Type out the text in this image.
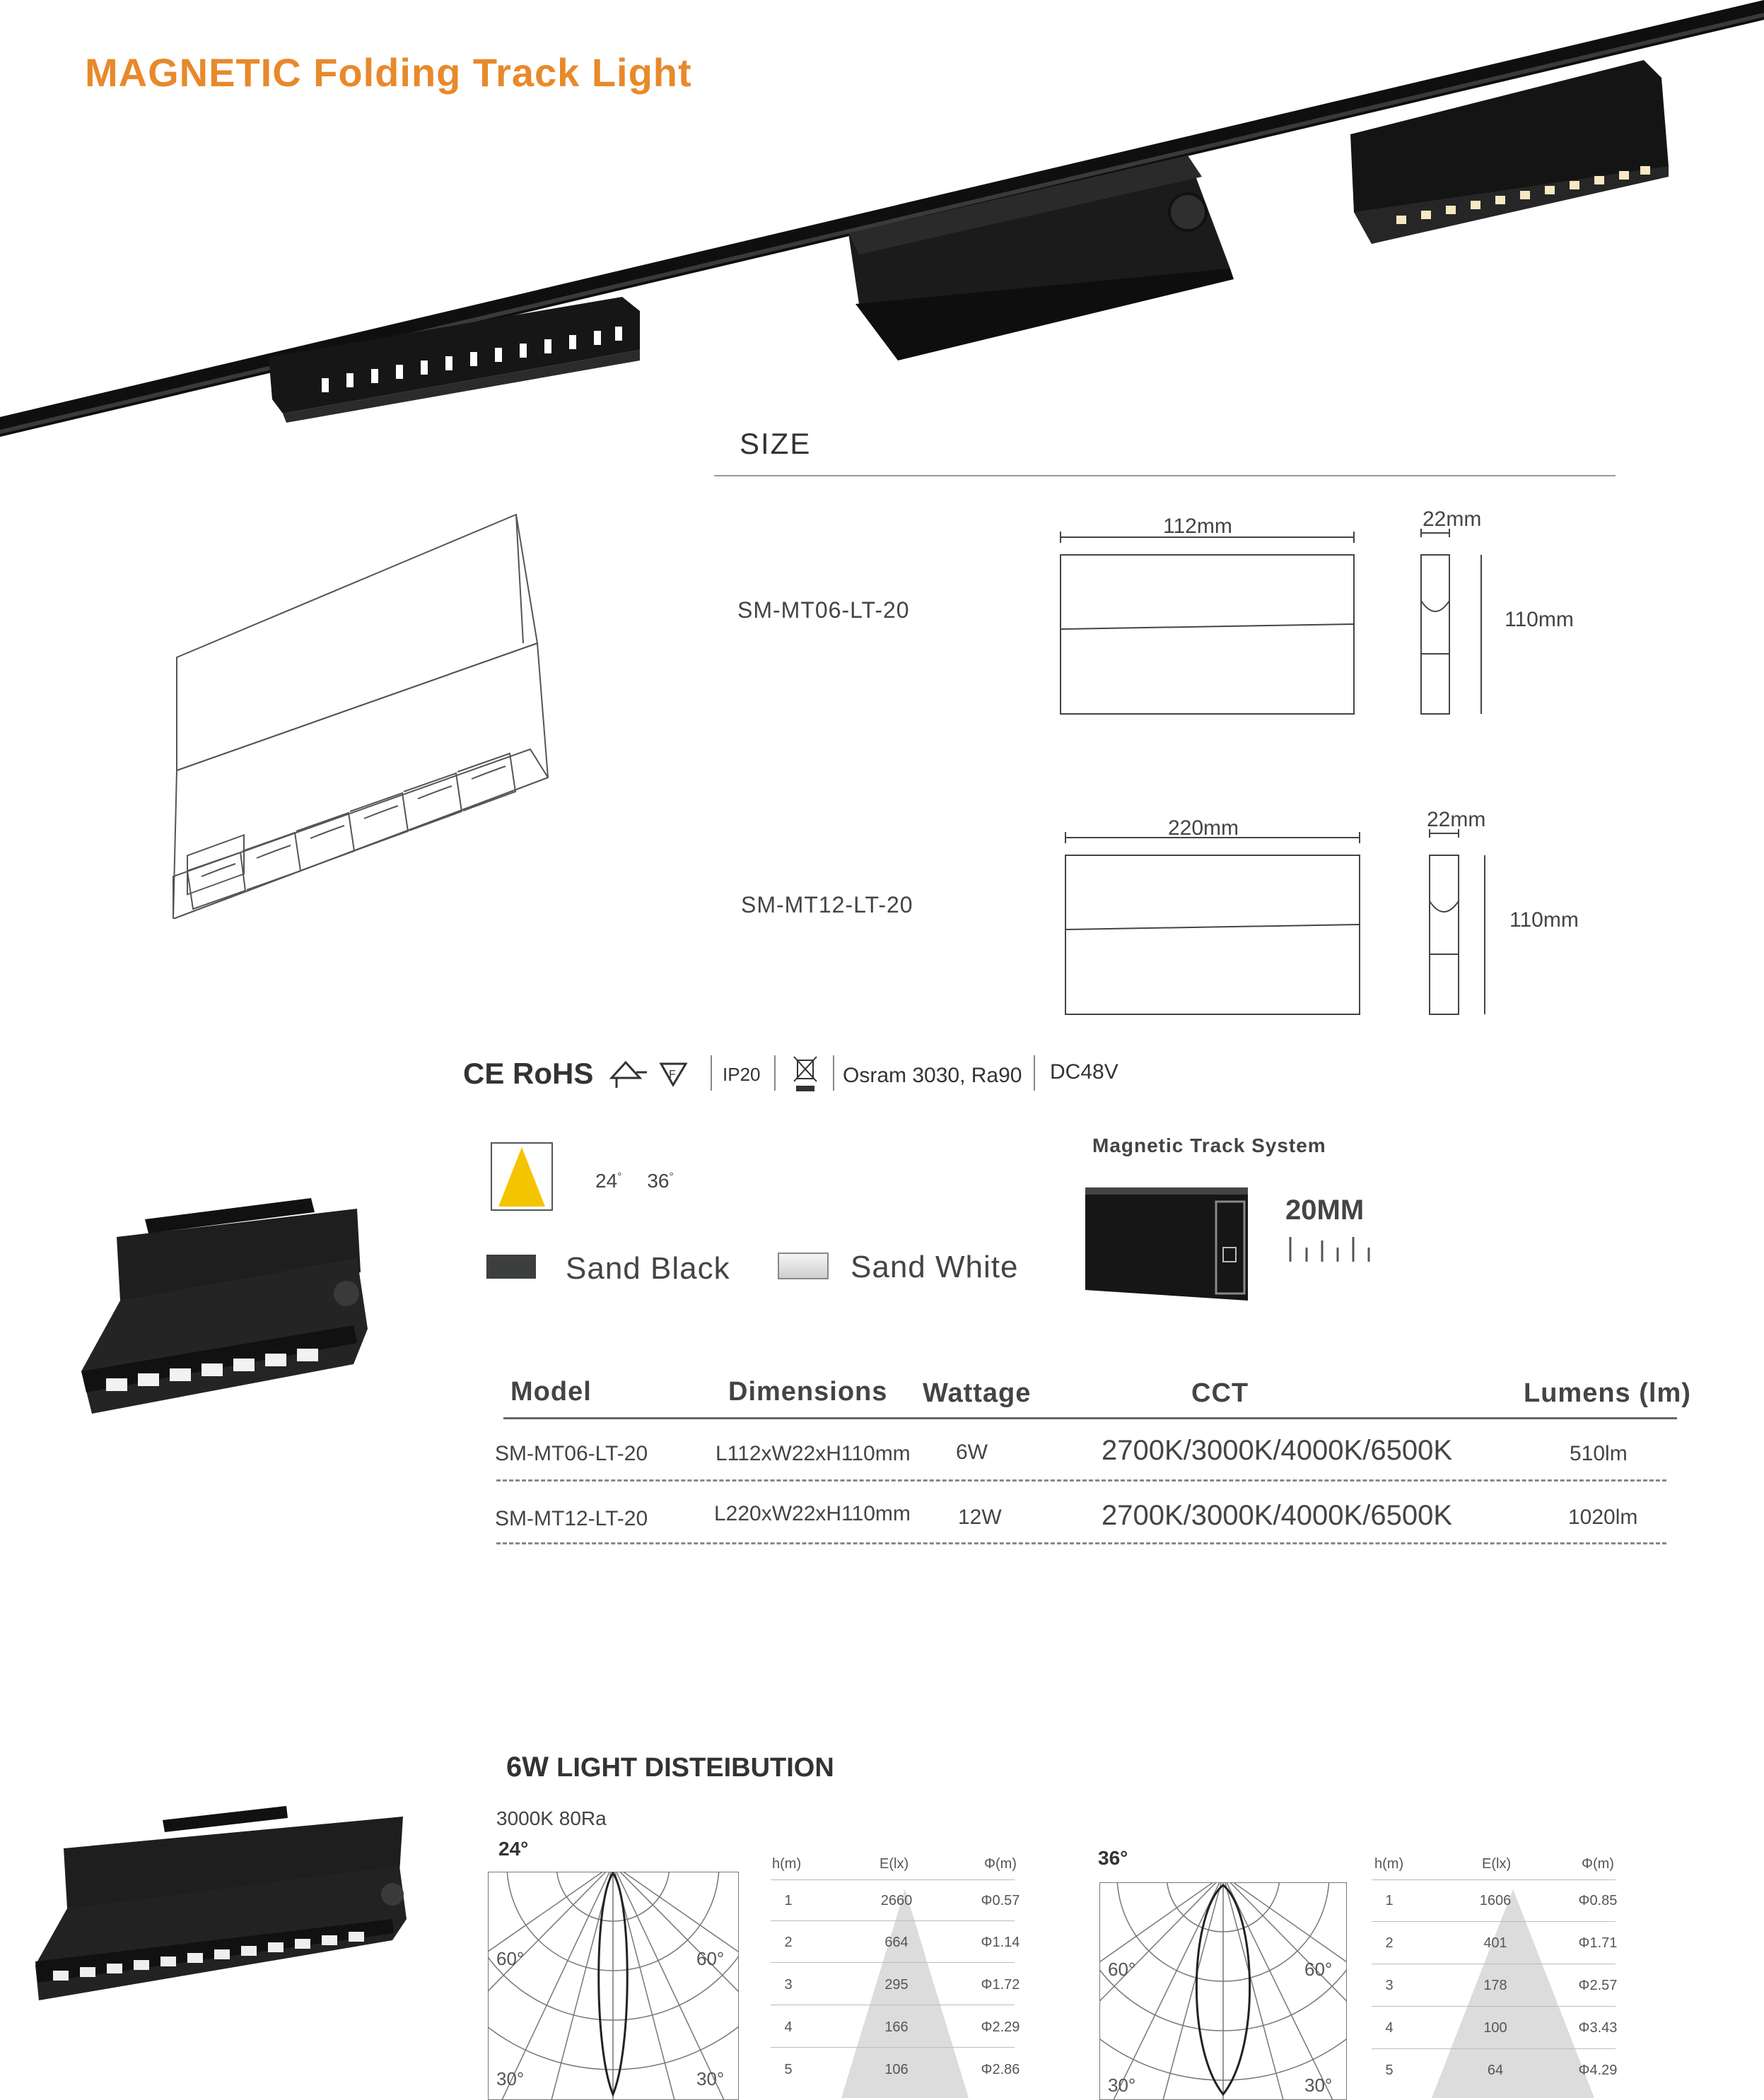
MAGNETIC Folding Track Light
SIZE
SM-MT06-LT-20
112mm	22mm
110mm
SM-MT12-LT-20
220mm	22mm
110mm
CE RoHS	F	IP20	Osram 3030, Ra90 DC48V
24° 36°
Sand Black	Sand White
Magnetic Track System
20MM
Model	Dimensions Wattage	CCT	Lumens (lm)
SM-MT06-LT-20	L112xW22xH110mm 6W	2700K/3000K/4000K/6500K	510lm
SM-MT12-LT-20	L220xW22xH110mm 12W	2700K/3000K/4000K/6500K	1020lm
6W LIGHT DISTEIBUTION
3000K 80Ra
24°
60°	60°
30°	30°
h(m)	E(lx)	Φ(m)
1	2660	Φ0.57
2	664	Φ1.14
3	295	Φ1.72
4	166	Φ2.29
5	106	Φ2.86
36°
60°	60°
30°	30°
h(m)	E(lx)	Φ(m)
1	1606	Φ0.85
2	401	Φ1.71
3	178	Φ2.57
4	100	Φ3.43
5	64	Φ4.29
